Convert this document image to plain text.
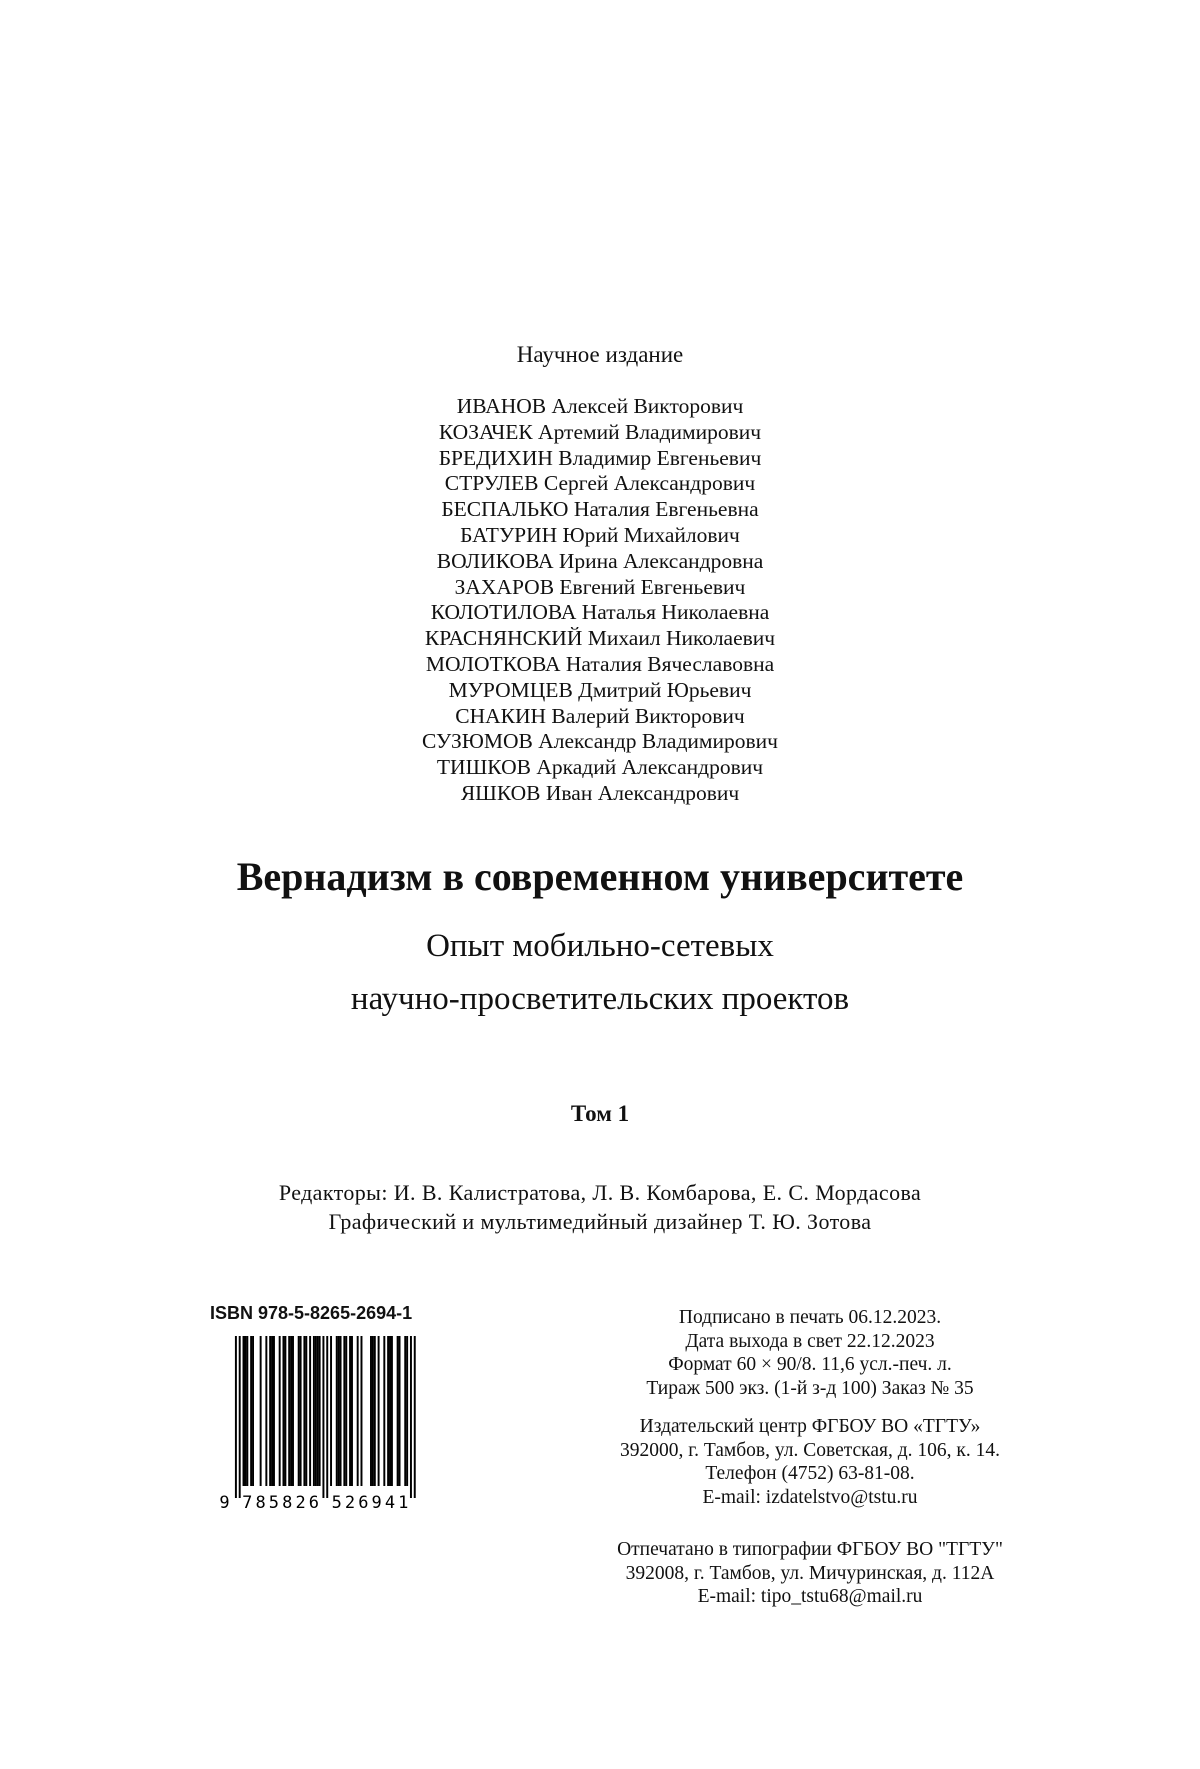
Научное издание
ИВАНОВ Алексей Викторович
КОЗАЧЕК Артемий Владимирович
БРЕДИХИН Владимир Евгеньевич
СТРУЛЕВ Сергей Александрович
БЕСПАЛЬКО Наталия Евгеньевна
БАТУРИН Юрий Михайлович
ВОЛИКОВА Ирина Александровна
ЗАХАРОВ Евгений Евгеньевич
КОЛОТИЛОВА Наталья Николаевна
КРАСНЯНСКИЙ Михаил Николаевич
МОЛОТКОВА Наталия Вячеславовна
МУРОМЦЕВ Дмитрий Юрьевич
СНАКИН Валерий Викторович
СУЗЮМОВ Александр Владимирович
ТИШКОВ Аркадий Александрович
ЯШКОВ Иван Александрович
Вернадизм в современном университете
Опыт мобильно-сетевых
научно-просветительских проектов
Том 1
Редакторы: И. В. Калистратова, Л. В. Комбарова, Е. С. Мордасова
Графический и мультимедийный дизайнер Т. Ю. Зотова
ISBN 978-5-8265-2694-1
9 7 8 5 8 2 6 5 2 6 9 4 1
Подписано в печать 06.12.2023.
Дата выхода в свет 22.12.2023
Формат 60 × 90/8. 11,6 усл.-печ. л.
Тираж 500 экз. (1-й з-д 100) Заказ № 35
Издательский центр ФГБОУ ВО «ТГТУ»
392000, г. Тамбов, ул. Советская, д. 106, к. 14.
Телефон (4752) 63-81-08.
E-mail: izdatelstvo@tstu.ru
Отпечатано в типографии ФГБОУ ВО "ТГТУ"
392008, г. Тамбов, ул. Мичуринская, д. 112А
E-mail: tipo_tstu68@mail.ru
